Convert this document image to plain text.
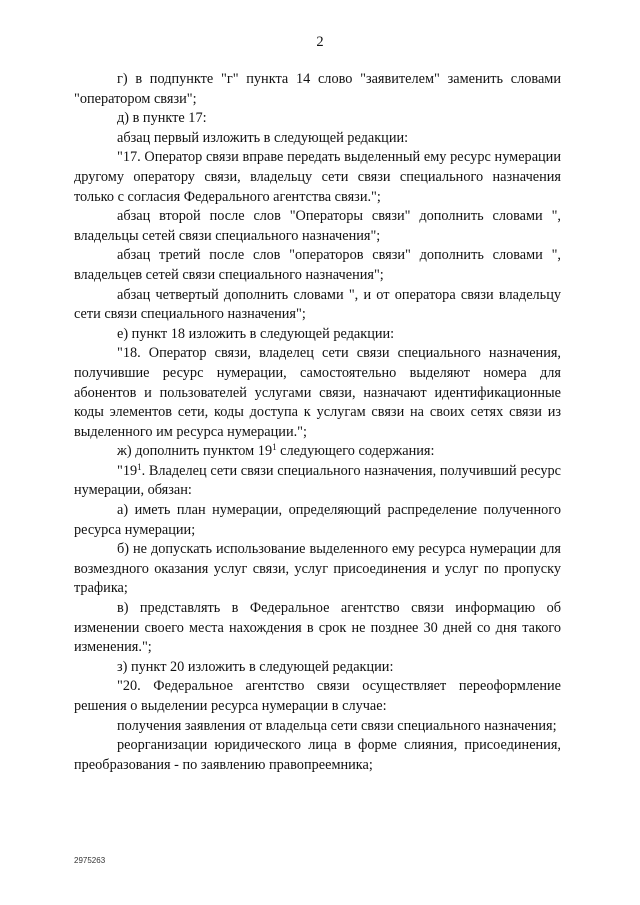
2

г) в подпункте "г" пункта 14 слово "заявителем" заменить словами "оператором связи";

д) в пункте 17:

абзац первый изложить в следующей редакции:

"17. Оператор связи вправе передать выделенный ему ресурс нумерации другому оператору связи, владельцу сети связи специального назначения только с согласия Федерального агентства связи.";

абзац второй после слов "Операторы связи" дополнить словами ", владельцы сетей связи специального назначения";

абзац третий после слов "операторов связи" дополнить словами ", владельцев сетей связи специального назначения";

абзац четвертый дополнить словами ", и от оператора связи владельцу сети связи специального назначения";

е) пункт 18 изложить в следующей редакции:

"18. Оператор связи, владелец сети связи специального назначения, получившие ресурс нумерации, самостоятельно выделяют номера для абонентов и пользователей услугами связи, назначают идентификационные коды элементов сети, коды доступа к услугам связи на своих сетях связи из выделенного им ресурса нумерации.";

ж) дополнить пунктом $19^1$ следующего содержания:

"$19^1$. Владелец сети связи специального назначения, получивший ресурс нумерации, обязан:

а) иметь план нумерации, определяющий распределение полученного ресурса нумерации;

б) не допускать использование выделенного ему ресурса нумерации для возмездного оказания услуг связи, услуг присоединения и услуг по пропуску трафика;

в) представлять в Федеральное агентство связи информацию об изменении своего места нахождения в срок не позднее 30 дней со дня такого изменения.";

з) пункт 20 изложить в следующей редакции:

"20. Федеральное агентство связи осуществляет переоформление решения о выделении ресурса нумерации в случае:

получения заявления от владельца сети связи специального назначения;

реорганизации юридического лица в форме слияния, присоединения, преобразования - по заявлению правопреемника;

2975263
